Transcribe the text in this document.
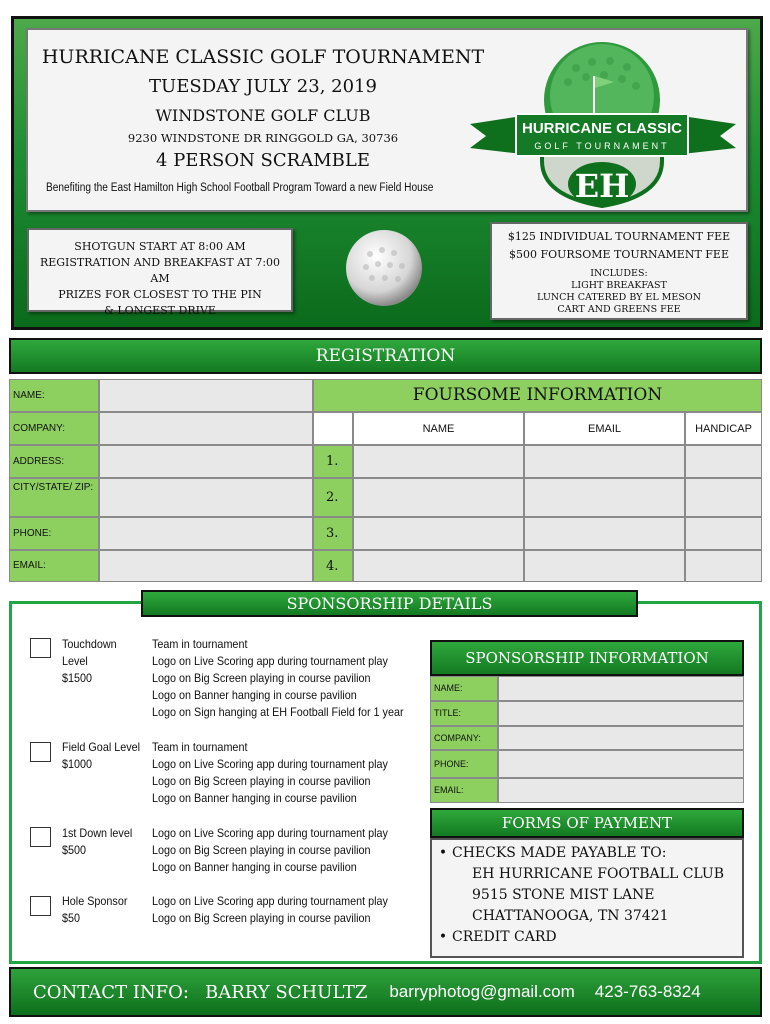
HURRICANE CLASSIC GOLF TOURNAMENT
TUESDAY JULY 23, 2019
WINDSTONE GOLF CLUB
9230 WINDSTONE DR RINGGOLD GA, 30736
4 PERSON SCRAMBLE
Benefiting the East Hamilton High School Football Program Toward a new Field House
HURRICANE CLASSIC
GOLF TOURNAMENT
EH
SHOTGUN START AT 8:00 AM
REGISTRATION AND BREAKFAST AT 7:00 AM
PRIZES FOR CLOSEST TO THE PIN
& LONGEST DRIVE
$125 INDIVIDUAL TOURNAMENT FEE
$500 FOURSOME TOURNAMENT FEE
INCLUDES:
LIGHT BREAKFAST
LUNCH CATERED BY EL MESON
CART AND GREENS FEE
REGISTRATION
NAME:
COMPANY:
ADDRESS:
CITY/STATE/ ZIP:
PHONE:
EMAIL:
FOURSOME INFORMATION
NAME	EMAIL	HANDICAP
1.
2.
3.
4.
SPONSORSHIP DETAILS
Touchdown Level
$1500
Team in tournament
Logo on Live Scoring app during tournament play
Logo on Big Screen playing in course pavilion
Logo on Banner hanging in course pavilion
Logo on Sign hanging at EH Football Field for 1 year
Field Goal Level
$1000
Team in tournament
Logo on Live Scoring app during tournament play
Logo on Big Screen playing in course pavilion
Logo on Banner hanging in course pavilion
1st Down level
$500
Logo on Live Scoring app during tournament play
Logo on Big Screen playing in course pavilion
Logo on Banner hanging in course pavilion
Hole Sponsor
$50
Logo on Live Scoring app during tournament play
Logo on Big Screen playing in course pavilion
SPONSORSHIP INFORMATION
NAME:
TITLE:
COMPANY:
PHONE:
EMAIL:
FORMS OF PAYMENT
• CHECKS MADE PAYABLE TO:
EH HURRICANE FOOTBALL CLUB
9515 STONE MIST LANE
CHATTANOOGA, TN 37421
• CREDIT CARD
CONTACT INFO: BARRY SCHULTZ barryphotog@gmail.com 423-763-8324
